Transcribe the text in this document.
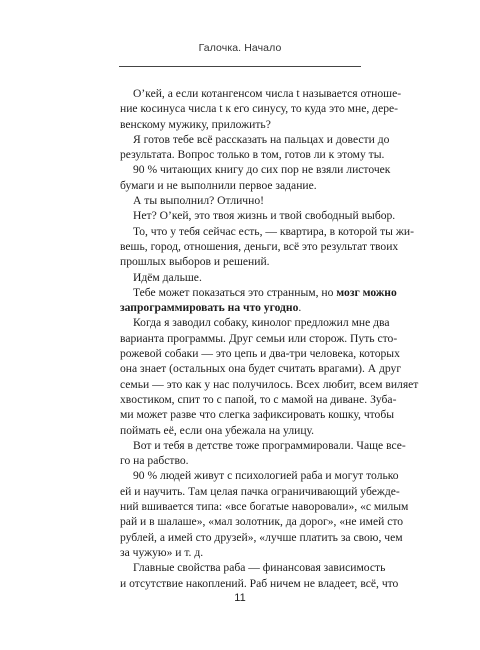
Галочка. Начало
О’кей, а если котангенсом числа t называется отноше-
ние косинуса числа t к его синусу, то куда это мне, дере-
венскому мужику, приложить?
Я готов тебе всё рассказать на пальцах и довести до
результата. Вопрос только в том, готов ли к этому ты.
90 % читающих книгу до сих пор не взяли листочек
бумаги и не выполнили первое задание.
А ты выполнил? Отлично!
Нет? О’кей, это твоя жизнь и твой свободный выбор.
То, что у тебя сейчас есть, — квартира, в которой ты жи-
вешь, город, отношения, деньги, всё это результат твоих
прошлых выборов и решений.
Идём дальше.
Тебе может показаться это странным, но мозг можно
запрограммировать на что угодно.
Когда я заводил собаку, кинолог предложил мне два
варианта программы. Друг семьи или сторож. Путь сто-
рожевой собаки — это цепь и два-три человека, которых
она знает (остальных она будет считать врагами). А друг
семьи — это как у нас получилось. Всех любит, всем виляет
хвостиком, спит то с папой, то с мамой на диване. Зуба-
ми может разве что слегка зафиксировать кошку, чтобы
поймать её, если она убежала на улицу.
Вот и тебя в детстве тоже программировали. Чаще все-
го на рабство.
90 % людей живут с психологией раба и могут только
ей и научить. Там целая пачка ограничивающий убежде-
ний вшивается типа: «все богатые наворовали», «с милым
рай и в шалаше», «мал золотник, да дорог», «не имей сто
рублей, а имей сто друзей», «лучше платить за свою, чем
за чужую» и т. д.
Главные свойства раба — финансовая зависимость
и отсутствие накоплений. Раб ничем не владеет, всё, что
11
